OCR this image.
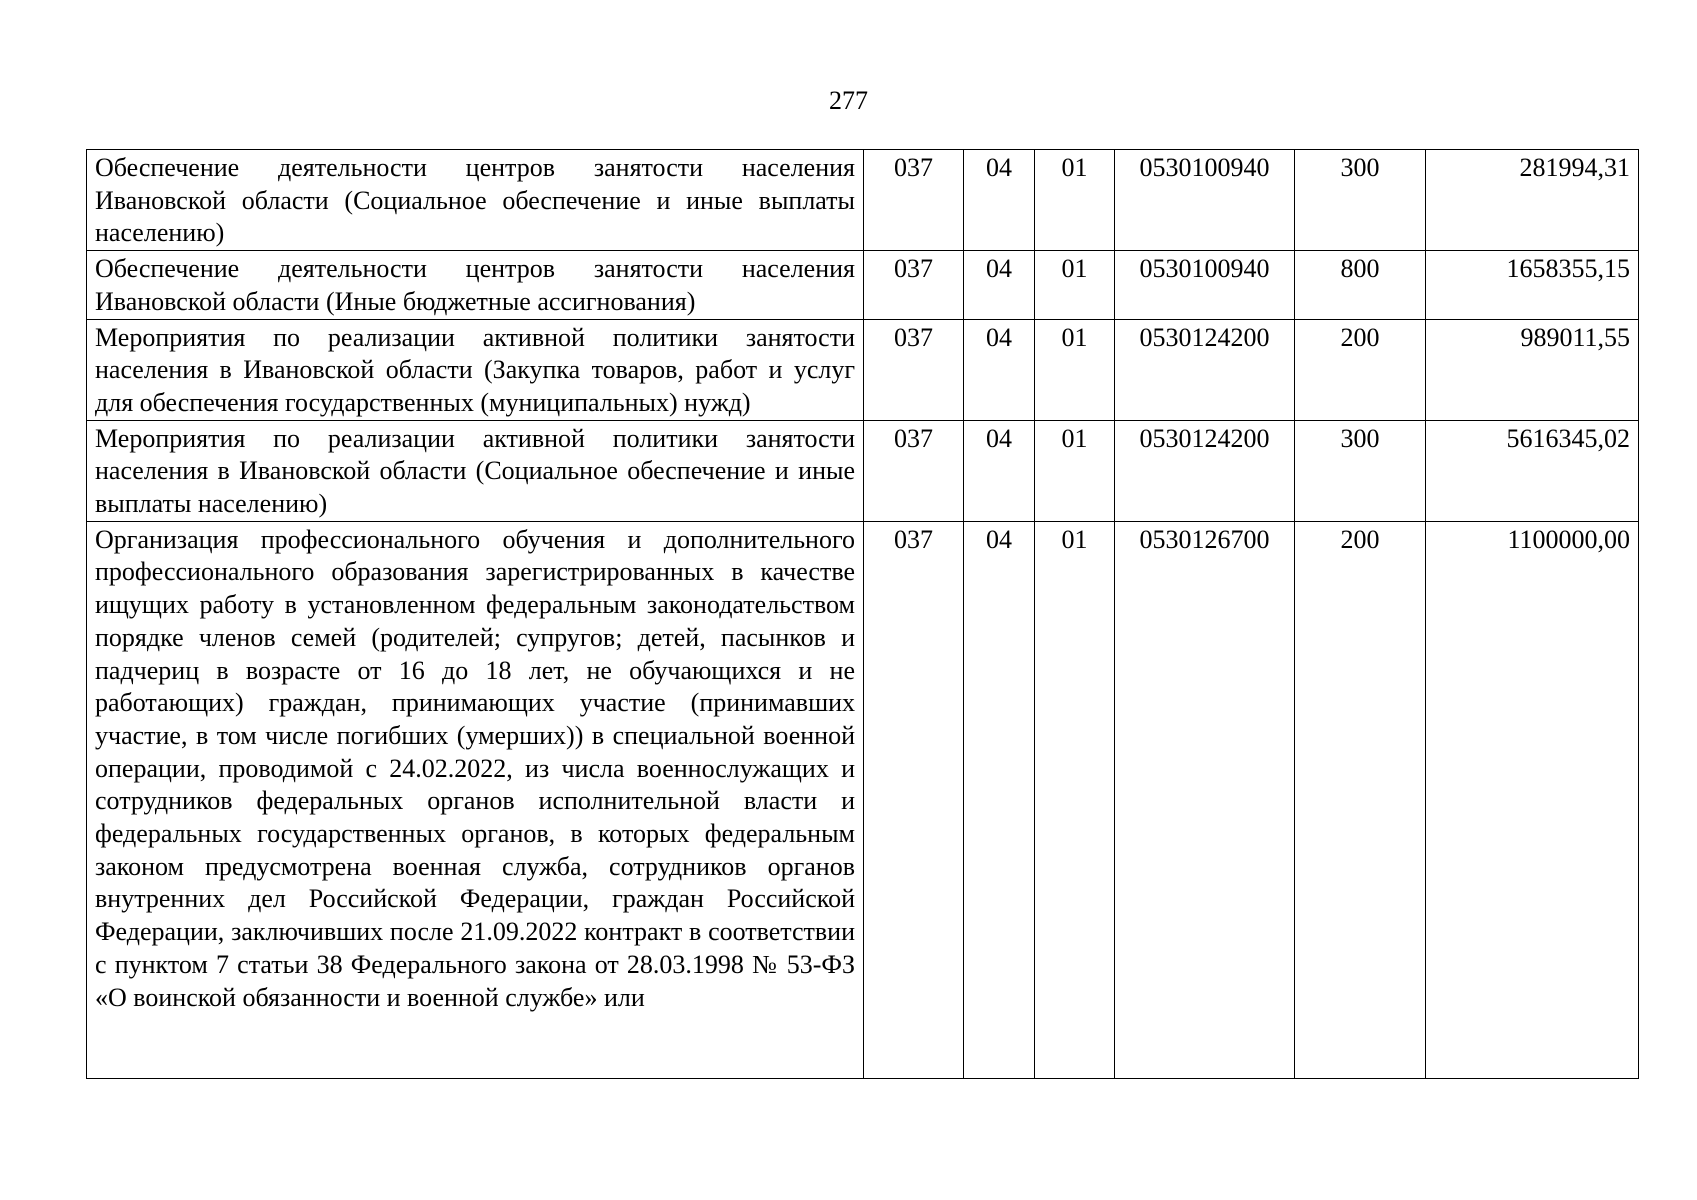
277
Обеспечение деятельности центров занятости населения Ивановской области (Социальное обеспечение и иные выплаты населению)	037	04	01	0530100940	300	281994,31
Обеспечение деятельности центров занятости населения Ивановской области (Иные бюджетные ассигнования)	037	04	01	0530100940	800	1658355,15
Мероприятия по реализации активной политики занятости населения в Ивановской области (Закупка товаров, работ и услуг для обеспечения государственных (муниципальных) нужд)	037	04	01	0530124200	200	989011,55
Мероприятия по реализации активной политики занятости населения в Ивановской области (Социальное обеспечение и иные выплаты населению)	037	04	01	0530124200	300	5616345,02
Организация профессионального обучения и дополнительного профессионального образования зарегистрированных в качестве ищущих работу в установленном федеральным законодательством порядке членов семей (родителей; супругов; детей, пасынков и падчериц в возрасте от 16 до 18 лет, не обучающихся и не работающих) граждан, принимающих участие (принимавших участие, в том числе погибших (умерших)) в специальной военной операции, проводимой с 24.02.2022, из числа военнослужащих и сотрудников федеральных органов исполнительной власти и федеральных государственных органов, в которых федеральным законом предусмотрена военная служба, сотрудников органов внутренних дел Российской Федерации, граждан Российской Федерации, заключивших после 21.09.2022 контракт в соответствии с пунктом 7 статьи 38 Федерального закона от 28.03.1998 № 53-ФЗ «О воинской обязанности и военной службе» или	037	04	01	0530126700	200	1100000,00
